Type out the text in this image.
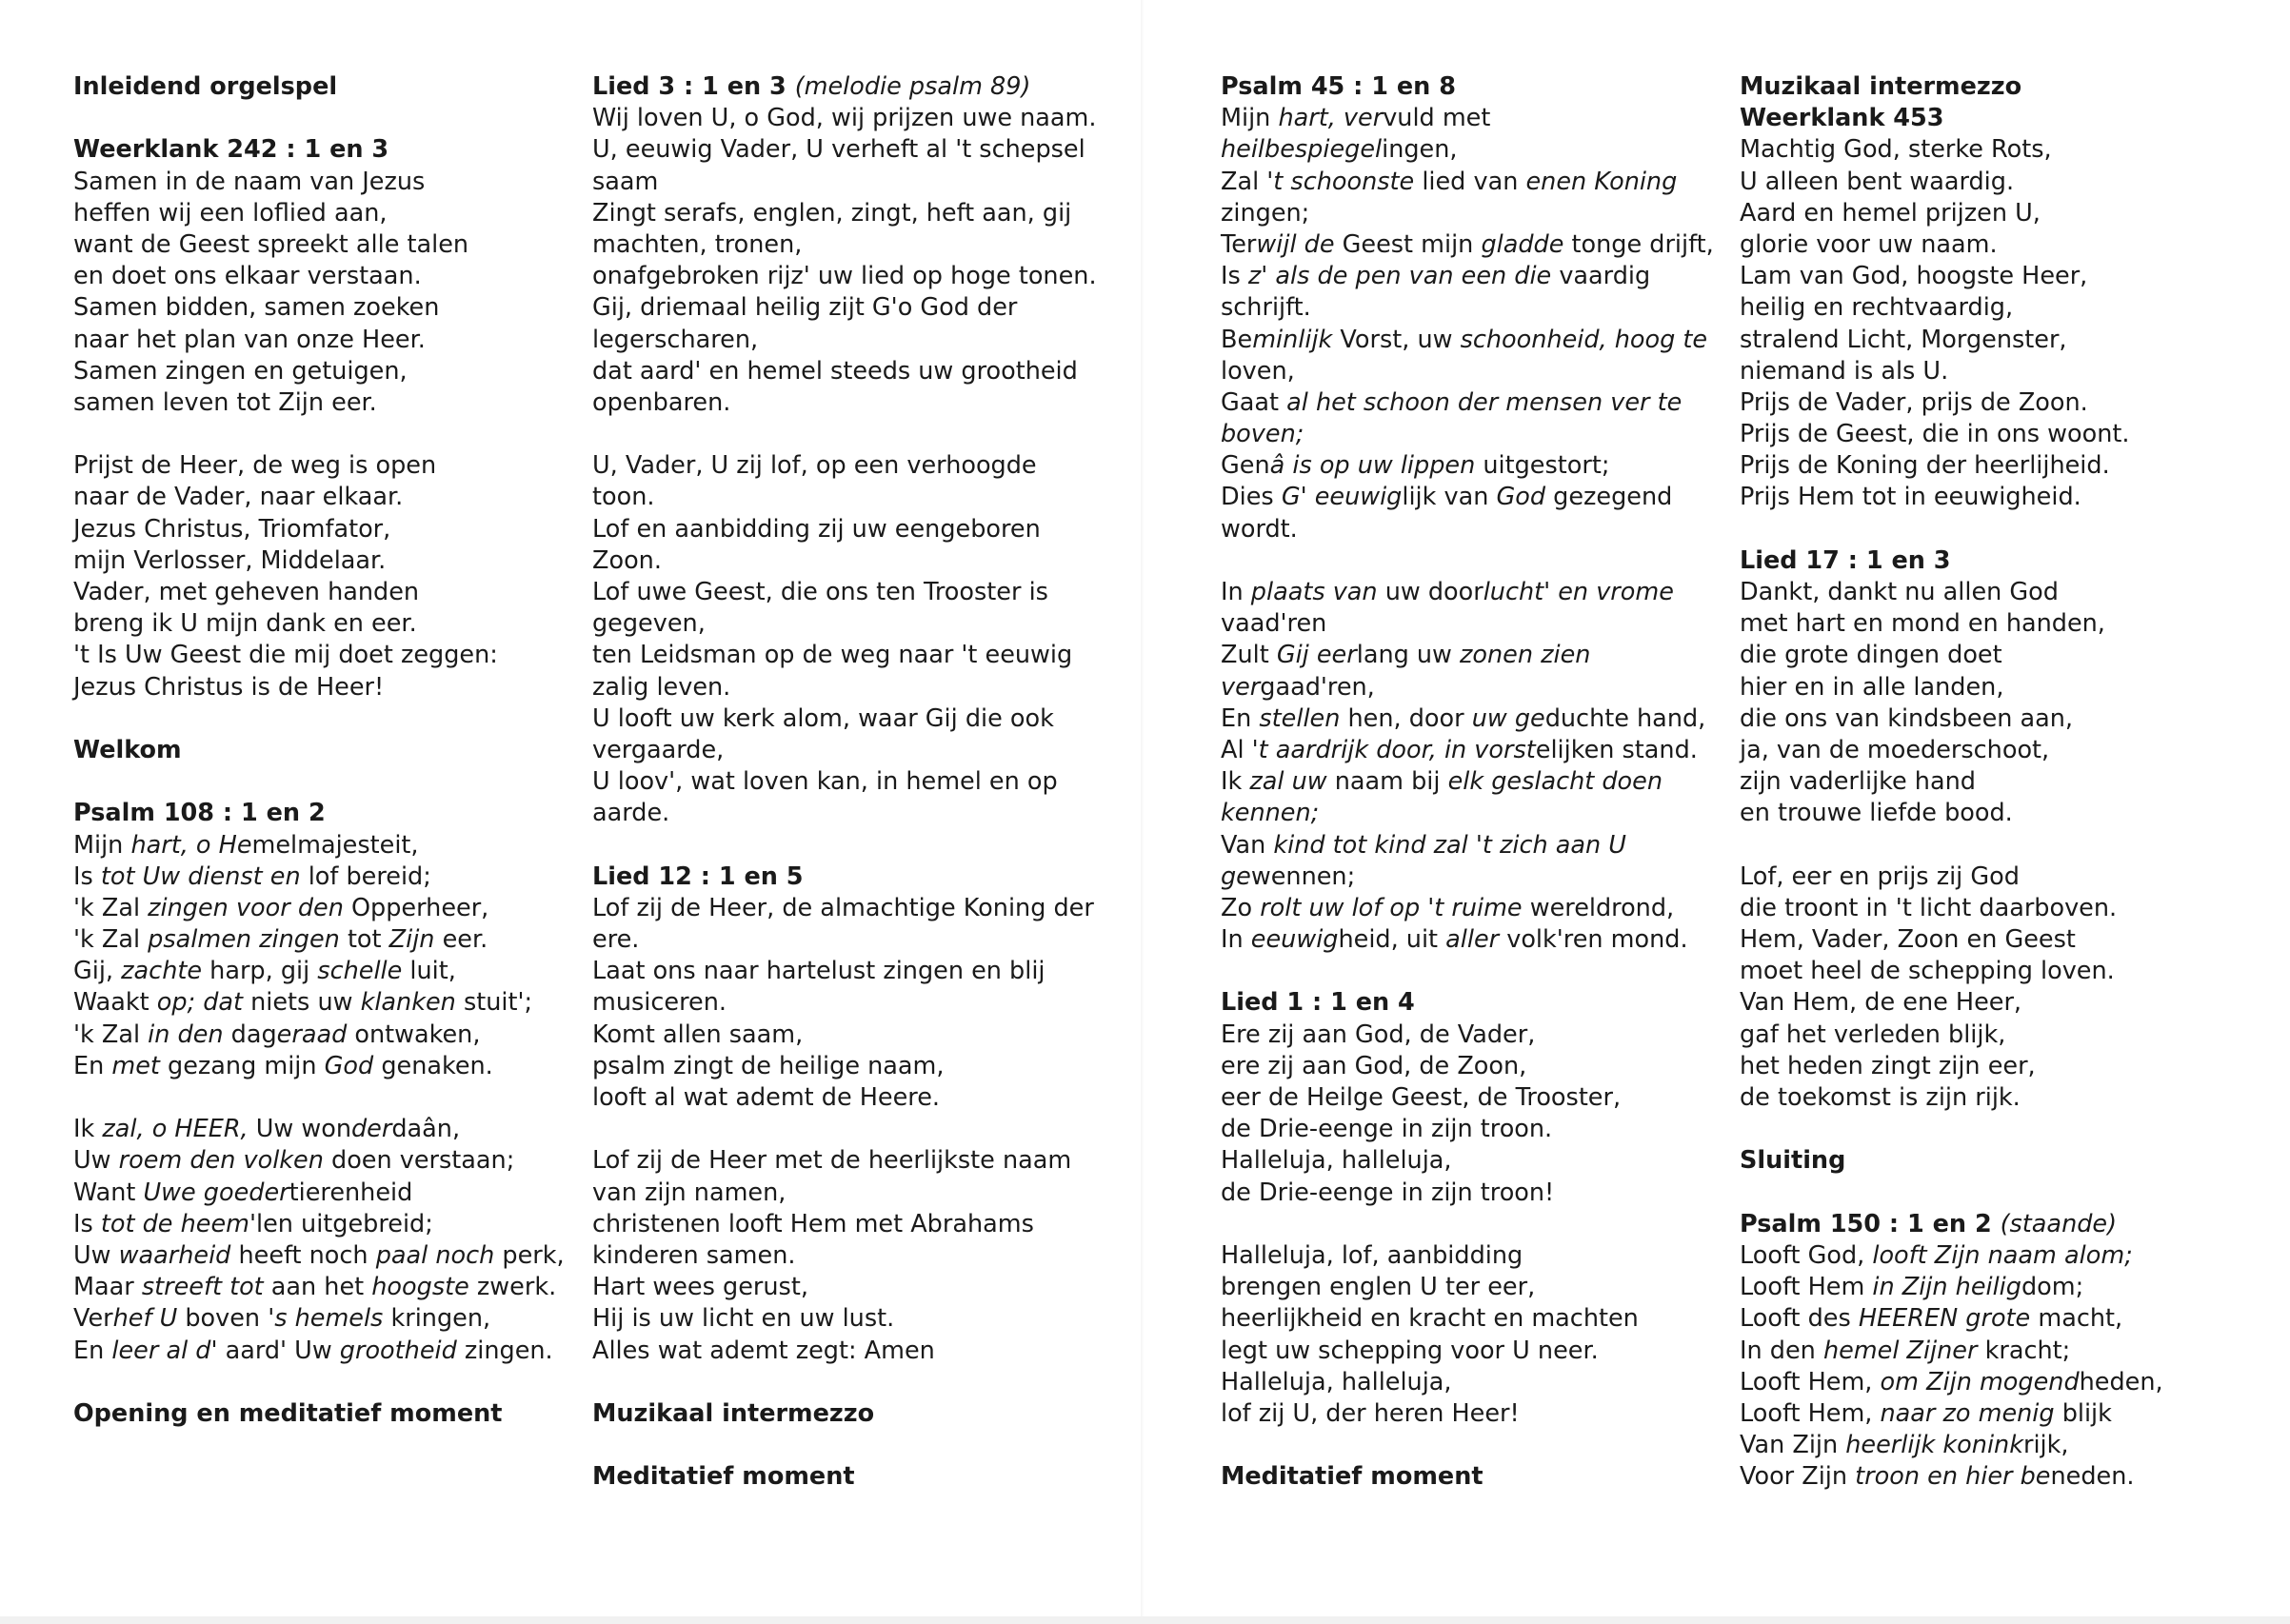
Inleidend orgelspel
Weerklank 242 : 1 en 3
Samen in de naam van Jezus
heffen wij een loflied aan,
want de Geest spreekt alle talen
en doet ons elkaar verstaan.
Samen bidden, samen zoeken
naar het plan van onze Heer.
Samen zingen en getuigen,
samen leven tot Zijn eer.
Prijst de Heer, de weg is open
naar de Vader, naar elkaar.
Jezus Christus, Triomfator,
mijn Verlosser, Middelaar.
Vader, met geheven handen
breng ik U mijn dank en eer.
't Is Uw Geest die mij doet zeggen:
Jezus Christus is de Heer!
Welkom
Psalm 108 : 1 en 2
Mijn hart, o Hemelmajesteit,
Is tot Uw dienst en lof bereid;
'k Zal zingen voor den Opperheer,
'k Zal psalmen zingen tot Zijn eer.
Gij, zachte harp, gij schelle luit,
Waakt op; dat niets uw klanken stuit';
'k Zal in den dageraad ontwaken,
En met gezang mijn God genaken.
Ik zal, o HEER, Uw wonderdaân,
Uw roem den volken doen verstaan;
Want Uwe goedertierenheid
Is tot de heem'len uitgebreid;
Uw waarheid heeft noch paal noch perk,
Maar streeft tot aan het hoogste zwerk.
Verhef U boven 's hemels kringen,
En leer al d' aard' Uw grootheid zingen.
Opening en meditatief moment
Lied 3 : 1 en 3 (melodie psalm 89)
Wij loven U, o God, wij prijzen uwe naam.
U, eeuwig Vader, U verheft al 't schepsel
saam
Zingt serafs, englen, zingt, heft aan, gij
machten, tronen,
onafgebroken rijz' uw lied op hoge tonen.
Gij, driemaal heilig zijt G'o God der
legerscharen,
dat aard' en hemel steeds uw grootheid
openbaren.
U, Vader, U zij lof, op een verhoogde
toon.
Lof en aanbidding zij uw eengeboren
Zoon.
Lof uwe Geest, die ons ten Trooster is
gegeven,
ten Leidsman op de weg naar 't eeuwig
zalig leven.
U looft uw kerk alom, waar Gij die ook
vergaarde,
U loov', wat loven kan, in hemel en op
aarde.
Lied 12 : 1 en 5
Lof zij de Heer, de almachtige Koning der
ere.
Laat ons naar hartelust zingen en blij
musiceren.
Komt allen saam,
psalm zingt de heilige naam,
looft al wat ademt de Heere.
Lof zij de Heer met de heerlijkste naam
van zijn namen,
christenen looft Hem met Abrahams
kinderen samen.
Hart wees gerust,
Hij is uw licht en uw lust.
Alles wat ademt zegt: Amen
Muzikaal intermezzo
Meditatief moment
Psalm 45 : 1 en 8
Mijn hart, vervuld met
heilbespiegelingen,
Zal 't schoonste lied van enen Koning
zingen;
Terwijl de Geest mijn gladde tonge drijft,
Is z' als de pen van een die vaardig
schrijft.
Beminlijk Vorst, uw schoonheid, hoog te
loven,
Gaat al het schoon der mensen ver te
boven;
Genâ is op uw lippen uitgestort;
Dies G' eeuwiglijk van God gezegend
wordt.
In plaats van uw doorlucht' en vrome
vaad'ren
Zult Gij eerlang uw zonen zien
vergaad'ren,
En stellen hen, door uw geduchte hand,
Al 't aardrijk door, in vorstelijken stand.
Ik zal uw naam bij elk geslacht doen
kennen;
Van kind tot kind zal 't zich aan U
gewennen;
Zo rolt uw lof op 't ruime wereldrond,
In eeuwigheid, uit aller volk'ren mond.
Lied 1 : 1 en 4
Ere zij aan God, de Vader,
ere zij aan God, de Zoon,
eer de Heilge Geest, de Trooster,
de Drie-eenge in zijn troon.
Halleluja, halleluja,
de Drie-eenge in zijn troon!
Halleluja, lof, aanbidding
brengen englen U ter eer,
heerlijkheid en kracht en machten
legt uw schepping voor U neer.
Halleluja, halleluja,
lof zij U, der heren Heer!
Meditatief moment
Muzikaal intermezzo
Weerklank 453
Machtig God, sterke Rots,
U alleen bent waardig.
Aard en hemel prijzen U,
glorie voor uw naam.
Lam van God, hoogste Heer,
heilig en rechtvaardig,
stralend Licht, Morgenster,
niemand is als U.
Prijs de Vader, prijs de Zoon.
Prijs de Geest, die in ons woont.
Prijs de Koning der heerlijheid.
Prijs Hem tot in eeuwigheid.
Lied 17 : 1 en 3
Dankt, dankt nu allen God
met hart en mond en handen,
die grote dingen doet
hier en in alle landen,
die ons van kindsbeen aan,
ja, van de moederschoot,
zijn vaderlijke hand
en trouwe liefde bood.
Lof, eer en prijs zij God
die troont in 't licht daarboven.
Hem, Vader, Zoon en Geest
moet heel de schepping loven.
Van Hem, de ene Heer,
gaf het verleden blijk,
het heden zingt zijn eer,
de toekomst is zijn rijk.
Sluiting
Psalm 150 : 1 en 2 (staande)
Looft God, looft Zijn naam alom;
Looft Hem in Zijn heiligdom;
Looft des HEEREN grote macht,
In den hemel Zijner kracht;
Looft Hem, om Zijn mogendheden,
Looft Hem, naar zo menig blijk
Van Zijn heerlijk koninkrijk,
Voor Zijn troon en hier beneden.
